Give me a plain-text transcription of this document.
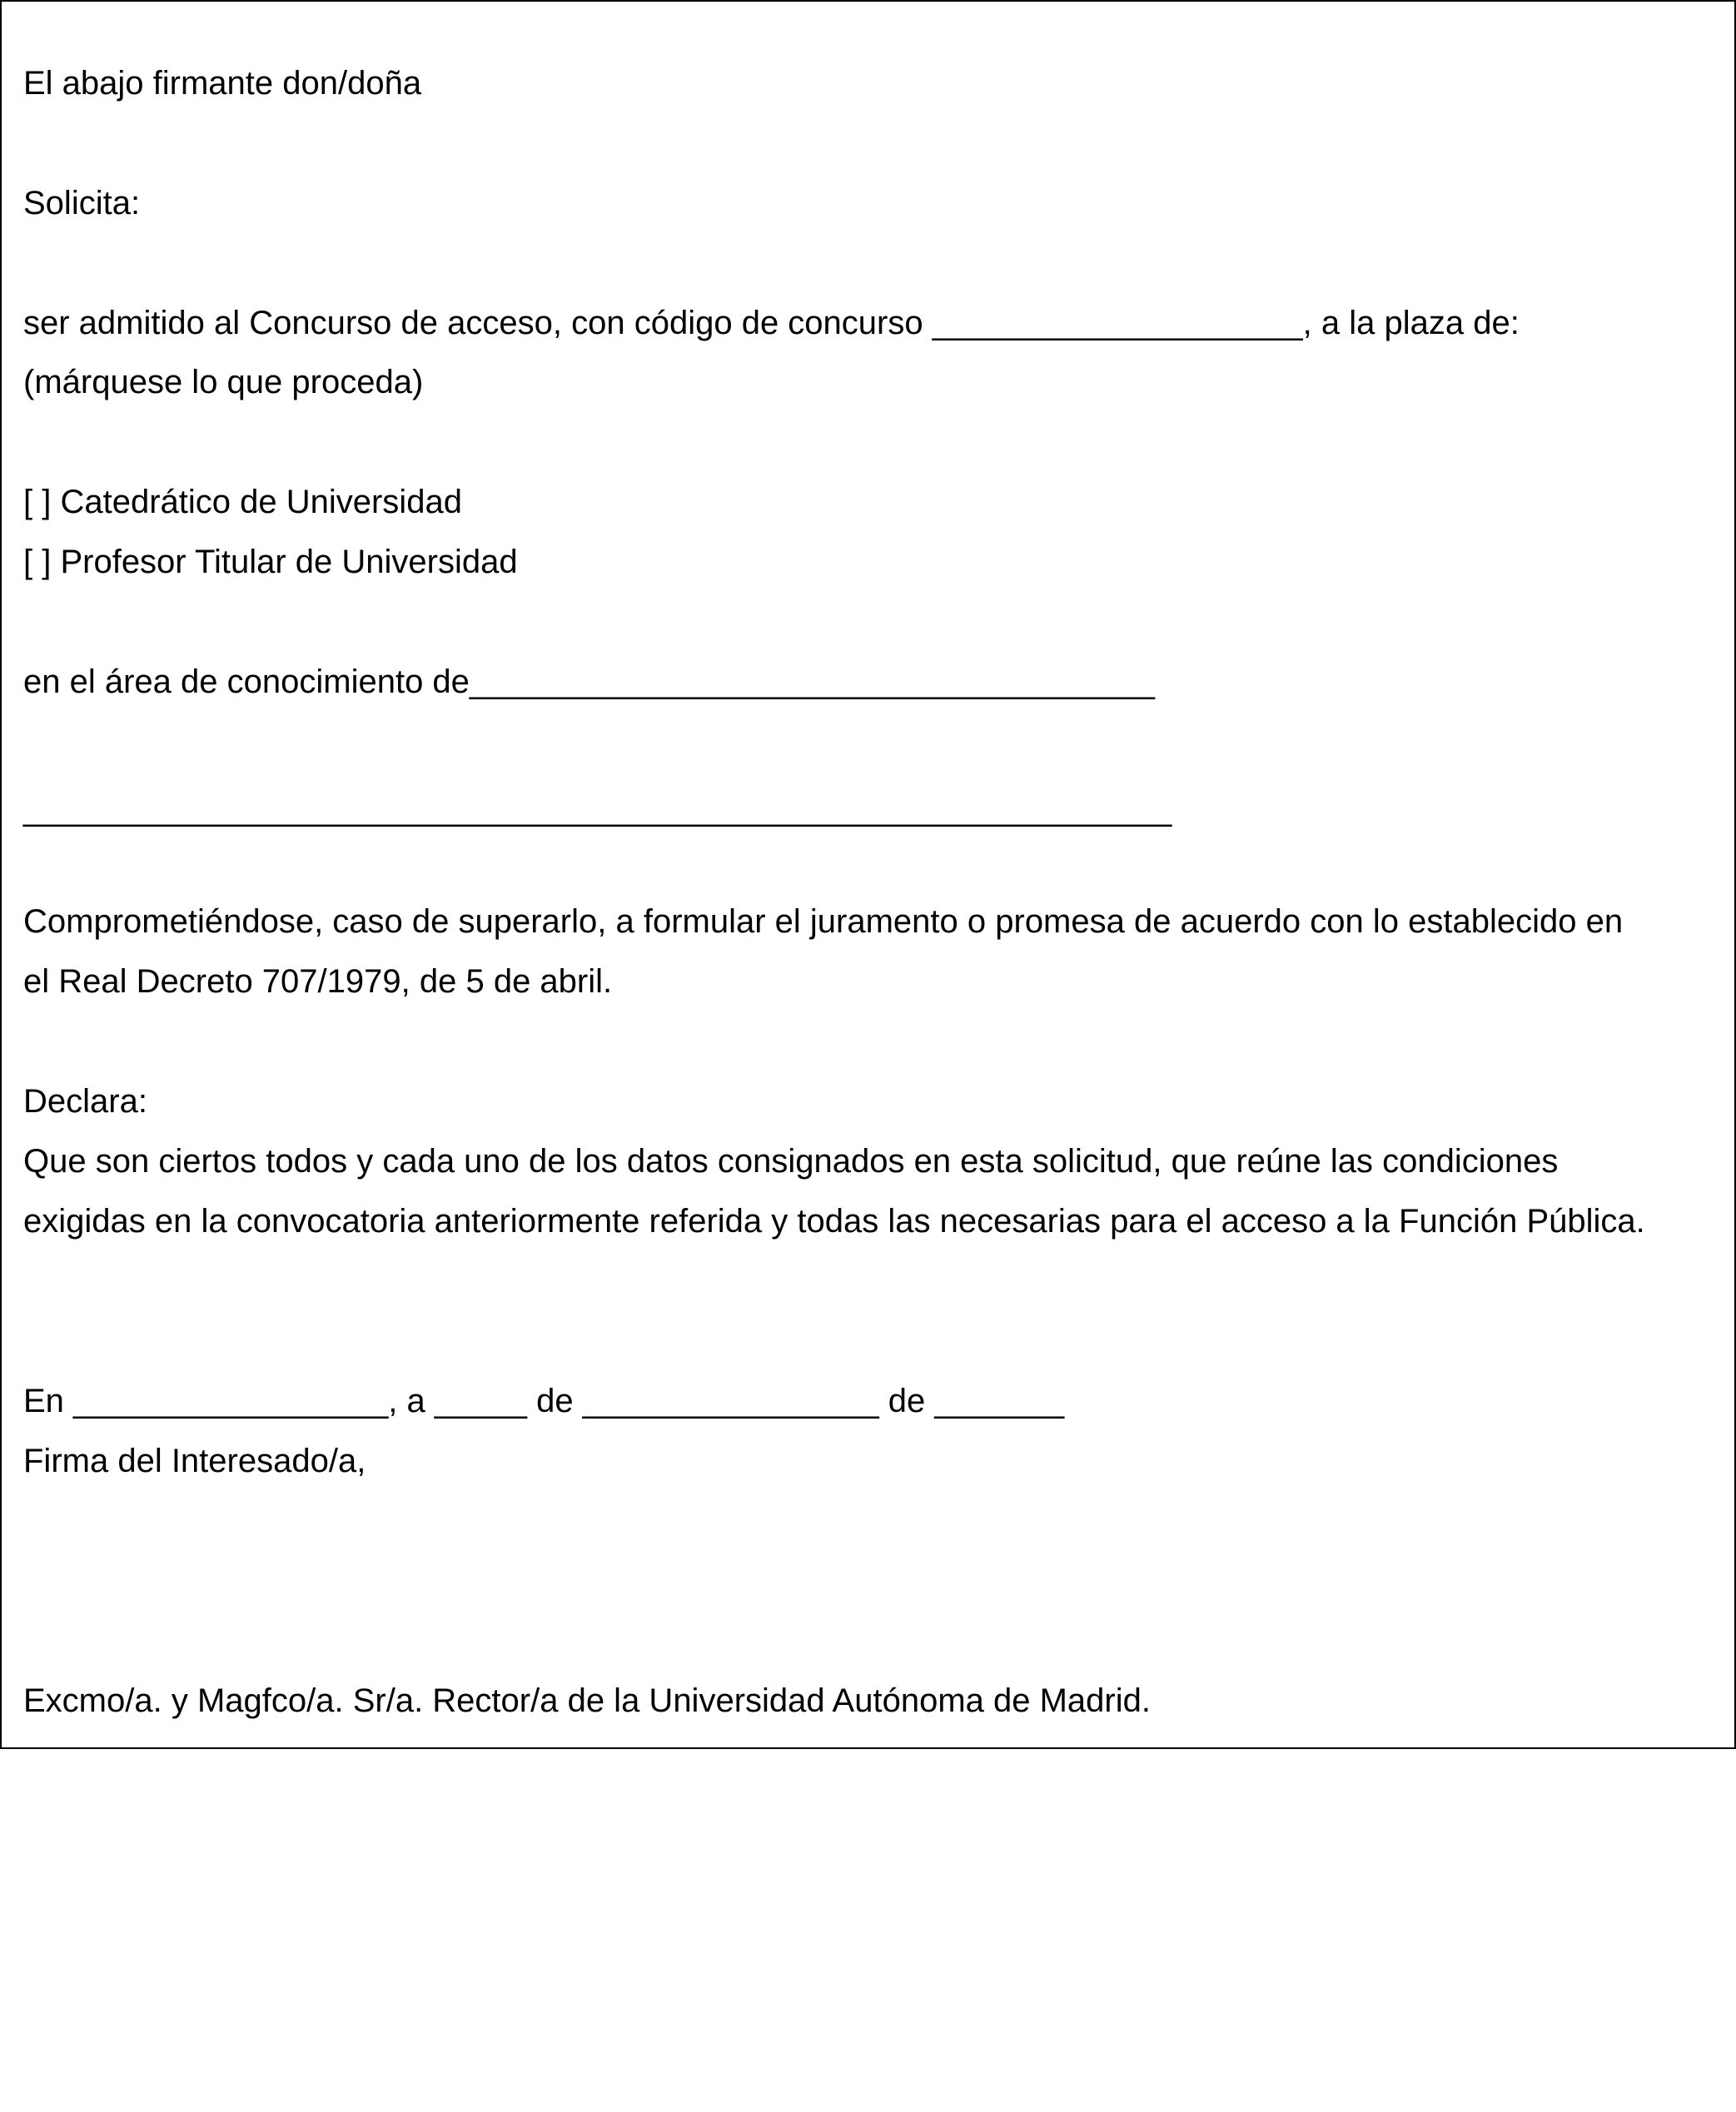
El abajo firmante don/doña
Solicita:
ser admitido al Concurso de acceso, con código de concurso ____________________, a la plaza de:
(márquese lo que proceda)
[ ] Catedrático de Universidad
[ ] Profesor Titular de Universidad
en el área de conocimiento de_____________________________________
______________________________________________________________
Comprometiéndose, caso de superarlo, a formular el juramento o promesa de acuerdo con lo establecido en
el Real Decreto 707/1979, de 5 de abril.
Declara:
Que son ciertos todos y cada uno de los datos consignados en esta solicitud, que reúne las condiciones
exigidas en la convocatoria anteriormente referida y todas las necesarias para el acceso a la Función Pública.
En _________________, a _____ de ________________ de _______
Firma del Interesado/a,
Excmo/a. y Magfco/a. Sr/a. Rector/a de la Universidad Autónoma de Madrid.
